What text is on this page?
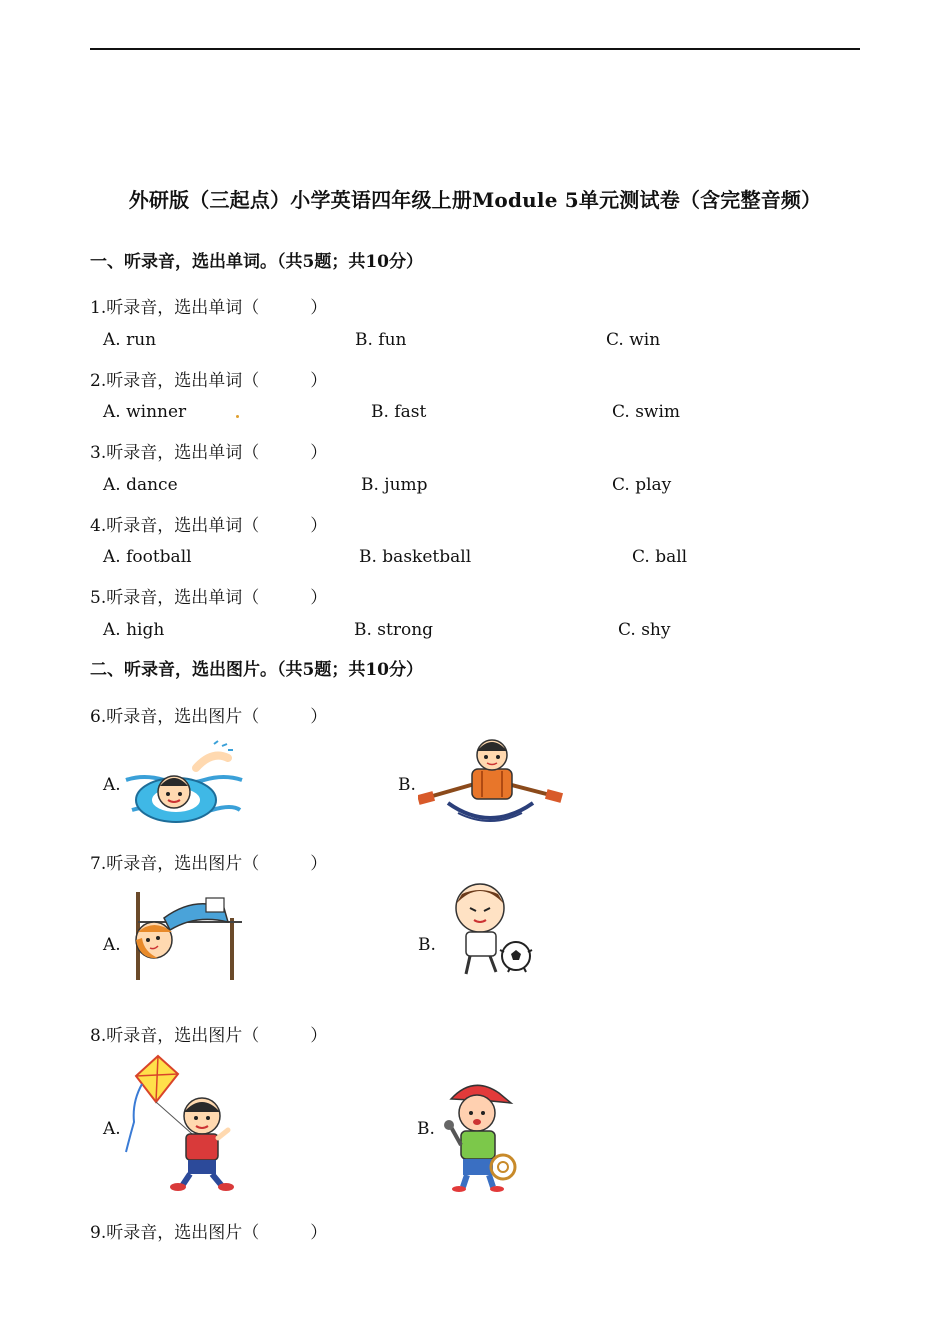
外研版（三起点）小学英语四年级上册Module 5单元测试卷（含完整音频）
一、听录音，选出单词。（共5题；共10分）
1.听录音，选出单词（　　　）
A. run	B. fun	C. win
2.听录音，选出单词（　　　）
A. winner	B. fast	C. swim
3.听录音，选出单词（　　　）
A. dance	B. jump	C. play
4.听录音，选出单词（　　　）
A. football	B. basketball	C. ball
5.听录音，选出单词（　　　）
A. high	B. strong	C. shy
二、听录音，选出图片。（共5题；共10分）
6.听录音，选出图片（　　　）
A.	B.
7.听录音，选出图片（　　　）
A.	B.
8.听录音，选出图片（　　　）
A.	B.
9.听录音，选出图片（　　　）
